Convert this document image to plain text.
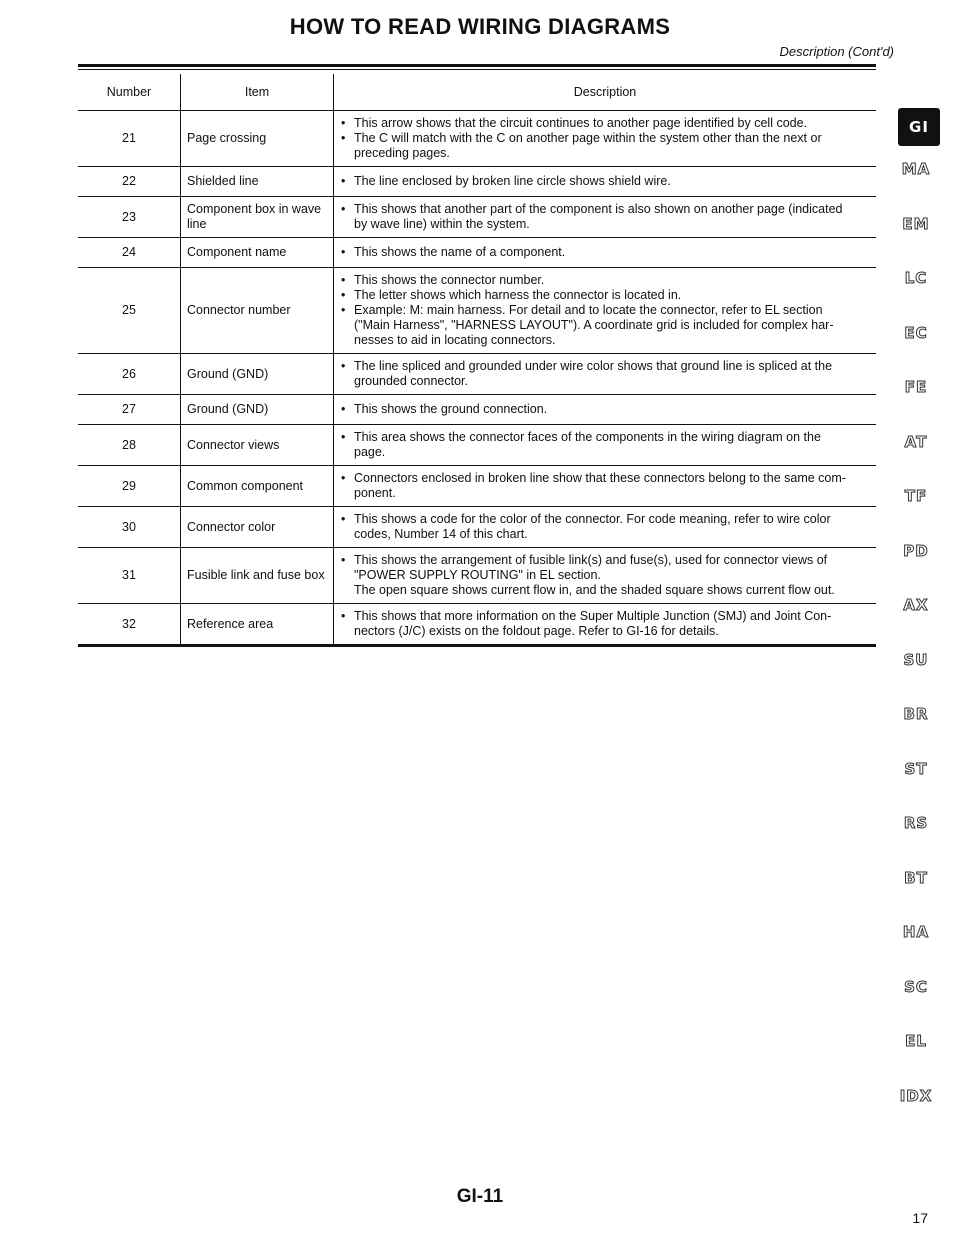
HOW TO READ WIRING DIAGRAMS
Description (Cont'd)
Number	Item	Description
21	Page crossing	• This arrow shows that the circuit continues to another page identified by cell code.
• The C will match with the C on another page within the system other than the next or
preceding pages.

22	Shielded line	• The line enclosed by broken line circle shows shield wire.

23	Component box in wave line	• This shows that another part of the component is also shown on another page (indicated
by wave line) within the system.

24	Component name	• This shows the name of a component.

25	Connector number	• This shows the connector number.
• The letter shows which harness the connector is located in.
• Example: M: main harness. For detail and to locate the connector, refer to EL section
("Main Harness", "HARNESS LAYOUT"). A coordinate grid is included for complex har-
nesses to aid in locating connectors.

26	Ground (GND)	• The line spliced and grounded under wire color shows that ground line is spliced at the
grounded connector.

27	Ground (GND)	• This shows the ground connection.

28	Connector views	• This area shows the connector faces of the components in the wiring diagram on the
page.

29	Common component	• Connectors enclosed in broken line show that these connectors belong to the same com-
ponent.

30	Connector color	• This shows a code for the color of the connector. For code meaning, refer to wire color
codes, Number 14 of this chart.

31	Fusible link and fuse box	• This shows the arrangement of fusible link(s) and fuse(s), used for connector views of
"POWER SUPPLY ROUTING" in EL section.
The open square shows current flow in, and the shaded square shows current flow out.

32	Reference area	• This shows that more information on the Super Multiple Junction (SMJ) and Joint Con-
nectors (J/C) exists on the foldout page. Refer to GI-16 for details.
GI
MA
EM
LC
EC
FE
AT
TF
PD
AX
SU
BR
ST
RS
BT
HA
SC
EL
IDX
GI-11
17
